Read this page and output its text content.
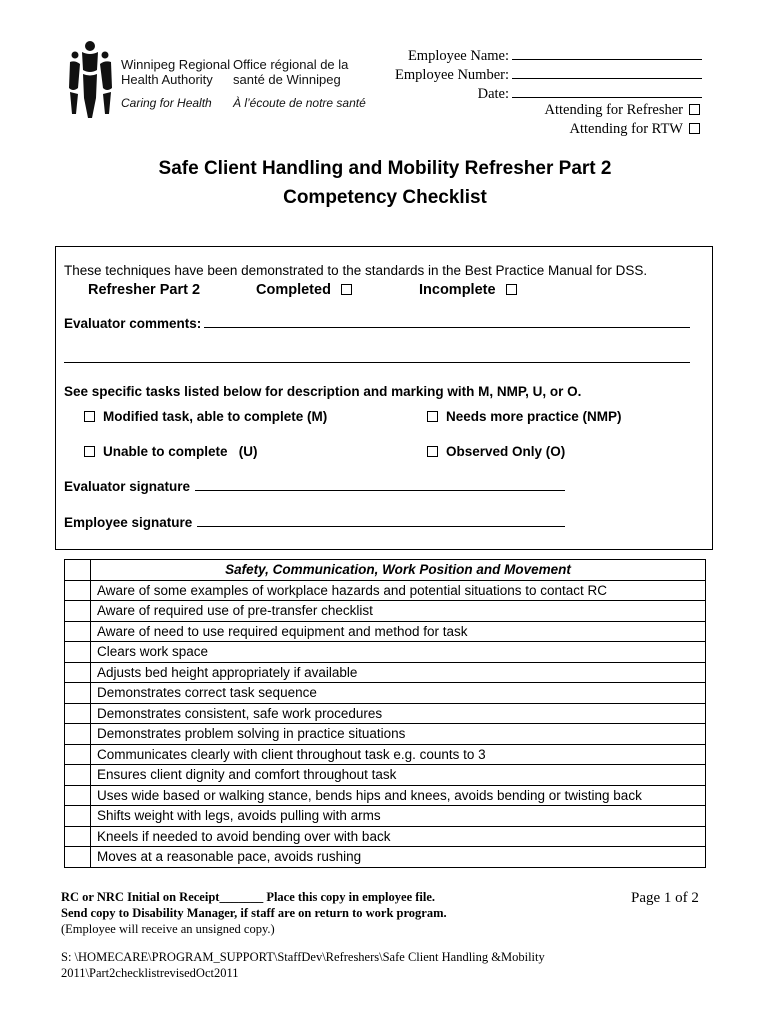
Winnipeg Regional
Health Authority
Office régional de la
santé de Winnipeg
Caring for Health À l’écoute de notre santé
Employee Name:
Employee Number:
Date:
Attending for Refresher
Attending for RTW
Safe Client Handling and Mobility Refresher Part 2
Competency Checklist
These techniques have been demonstrated to the standards in the Best Practice Manual for DSS.
Refresher Part 2	Completed	Incomplete
Evaluator comments:
See specific tasks listed below for description and marking with M, NMP, U, or O.
Modified task, able to complete (M)	Needs more practice (NMP)
Unable to complete   (U)	Observed Only (O)
Evaluator signature
Employee signature
	Safety, Communication, Work Position and Movement
	Aware of some examples of workplace hazards and potential situations to contact RC
	Aware of required use of pre-transfer checklist
	Aware of need to use required equipment and method for task
	Clears work space
	Adjusts bed height appropriately if available
	Demonstrates correct task sequence
	Demonstrates consistent, safe work procedures
	Demonstrates problem solving in practice situations
	Communicates clearly with client throughout task e.g. counts to 3
	Ensures client dignity and comfort throughout task
	Uses wide based or walking stance, bends hips and knees, avoids bending or twisting back
	Shifts weight with legs, avoids pulling with arms
	Kneels if needed to avoid bending over with back
	Moves at a reasonable pace, avoids rushing
RC or NRC Initial on Receipt_______ Place this copy in employee file.
Send copy to Disability Manager, if staff are on return to work program.
(Employee will receive an unsigned copy.)
Page 1 of 2
S: \HOMECARE\PROGRAM_SUPPORT\StaffDev\Refreshers\Safe Client Handling &Mobility
2011\Part2checklistrevisedOct2011
